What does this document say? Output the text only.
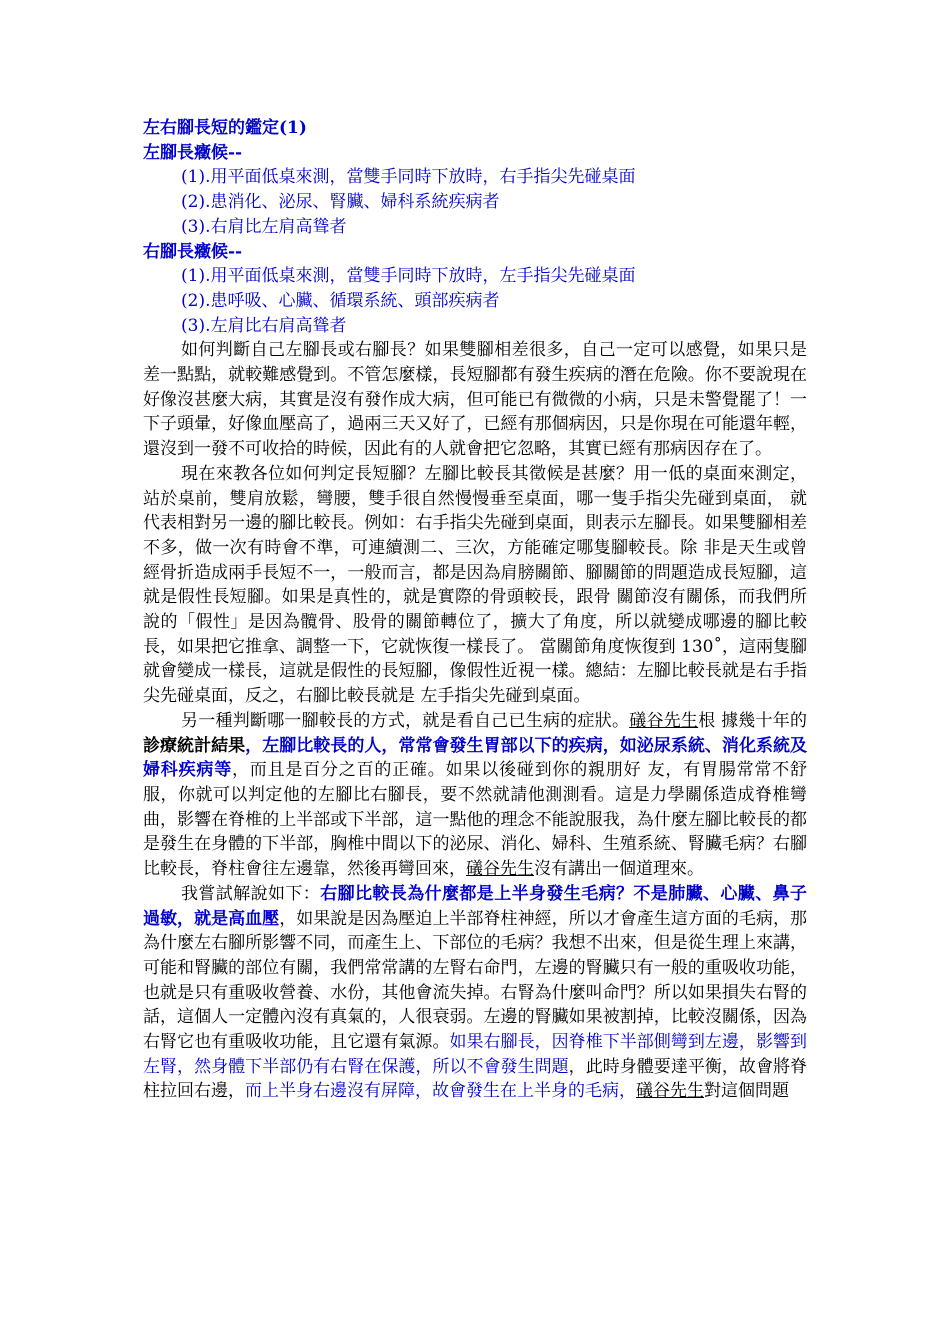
左右腳長短的鑑定(1)
左腳長癥候--
(1).用平面低桌來測，當雙手同時下放時，右手指尖先碰桌面
(2).患消化、泌尿、腎臟、婦科系統疾病者
(3).右肩比左肩高聳者
右腳長癥候--
(1).用平面低桌來測，當雙手同時下放時，左手指尖先碰桌面
(2).患呼吸、心臟、循環系統、頭部疾病者
(3).左肩比右肩高聳者
如何判斷自己左腳長或右腳長？如果雙腳相差很多，自己一定可以感覺，如果只是差一點點，就較難感覺到。不管怎麼樣，長短腳都有發生疾病的潛在危險。你不要說現在好像沒甚麼大病，其實是沒有發作成大病，但可能已有微微的小病，只是未警覺罷了！一下子頭暈，好像血壓高了，過兩三天又好了，已經有那個病因，只是你現在可能還年輕，還沒到一發不可收拾的時候，因此有的人就會把它忽略，其實已經有那病因存在了。
現在來教各位如何判定長短腳？左腳比較長其徵候是甚麼？用一低的桌面來測定，站於桌前，雙肩放鬆，彎腰，雙手很自然慢慢垂至桌面，哪一隻手指尖先碰到桌面， 就代表相對另一邊的腳比較長。例如：右手指尖先碰到桌面，則表示左腳長。如果雙腳相差不多，做一次有時會不準，可連續測二、三次，方能確定哪隻腳較長。除 非是天生或曾經骨折造成兩手長短不一，一般而言，都是因為肩膀關節、腳關節的問題造成長短腳，這就是假性長短腳。如果是真性的，就是實際的骨頭較長，跟骨 關節沒有關係，而我們所說的「假性」是因為髖骨、股骨的關節轉位了，擴大了角度，所以就變成哪邊的腳比較長，如果把它推拿、調整一下，它就恢復一樣長了。 當關節角度恢復到 130˚，這兩隻腳就會變成一樣長，這就是假性的長短腳，像假性近視一樣。總結：左腳比較長就是右手指尖先碰桌面，反之，右腳比較長就是 左手指尖先碰到桌面。
另一種判斷哪一腳較長的方式，就是看自己已生病的症狀。礒谷先生根 據幾十年的診療統計結果，左腳比較長的人，常常會發生胃部以下的疾病，如泌尿系統、消化系統及婦科疾病等，而且是百分之百的正確。如果以後碰到你的親朋好 友，有胃腸常常不舒服，你就可以判定他的左腳比右腳長，要不然就請他測測看。這是力學關係造成脊椎彎曲，影響在脊椎的上半部或下半部，這一點他的理念不能說服我，為什麼左腳比較長的都是發生在身體的下半部，胸椎中間以下的泌尿、消化、婦科、生殖系統、腎臟毛病？右腳比較長，脊柱會往左邊靠，然後再彎回來，礒谷先生沒有講出一個道理來。
我嘗試解說如下：右腳比較長為什麼都是上半身發生毛病？不是肺臟、心臟、鼻子過敏，就是高血壓，如果說是因為壓迫上半部脊柱神經，所以才會產生這方面的毛病，那為什麼左右腳所影響不同，而產生上、下部位的毛病？我想不出來，但是從生理上來講，可能和腎臟的部位有關，我們常常講的左腎右命門，左邊的腎臟只有一般的重吸收功能，也就是只有重吸收營養、水份，其他會流失掉。右腎為什麼叫命門？所以如果損失右腎的話，這個人一定體內沒有真氣的，人很衰弱。左邊的腎臟如果被割掉，比較沒關係，因為右腎它也有重吸收功能，且它還有氣源。如果右腳長，因脊椎下半部側彎到左邊，影響到左腎，然身體下半部仍有右腎在保護，所以不會發生問題，此時身體要達平衡，故會將脊柱拉回右邊，而上半身右邊沒有屏障，故會發生在上半身的毛病，礒谷先生對這個問題
